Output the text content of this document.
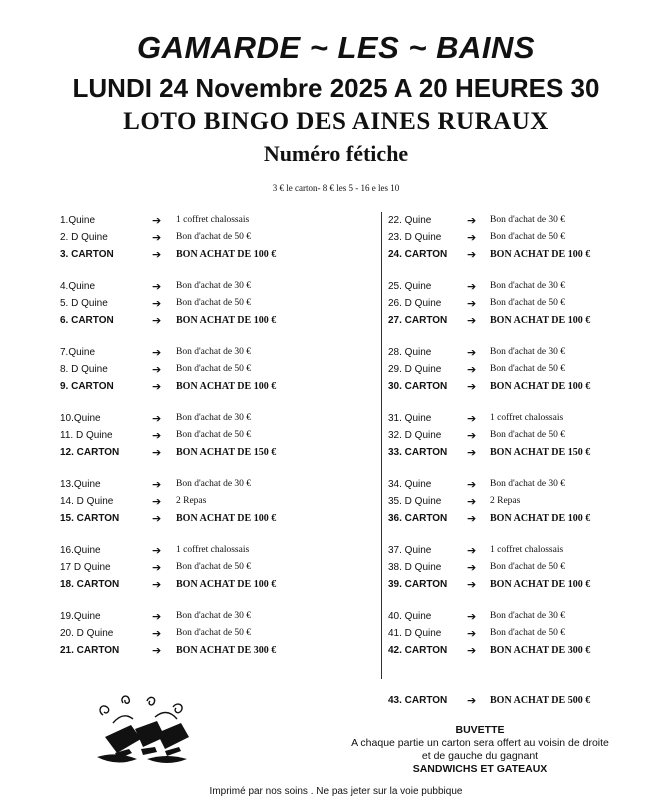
GAMARDE ~ LES ~ BAINS
LUNDI 24 Novembre 2025 A 20 HEURES 30
LOTO BINGO DES AINES RURAUX
Numéro fétiche
3 € le carton- 8 € les 5 - 16 e les 10
1.Quine	➔ 1 coffret chalossais
2. D Quine	➔ Bon d'achat de 50 €
3. CARTON	➔ BON ACHAT DE 100 €
4.Quine	➔ Bon d'achat de 30 €
5. D Quine	➔ Bon d'achat de 50 €
6. CARTON	➔ BON ACHAT DE 100 €
7.Quine	➔ Bon d'achat de 30 €
8. D Quine	➔ Bon d'achat de 50 €
9. CARTON	➔ BON ACHAT DE 100 €
10.Quine	➔ Bon d'achat de 30 €
11. D Quine	➔ Bon d'achat de 50 €
12. CARTON	➔ BON ACHAT DE 150 €
13.Quine	➔ Bon d'achat de 30 €
14. D Quine	➔ 2 Repas
15. CARTON	➔ BON ACHAT DE 100 €
16.Quine	➔ 1 coffret chalossais
17 D Quine	➔ Bon d'achat de 50 €
18. CARTON	➔ BON ACHAT DE 100 €
19.Quine	➔ Bon d'achat de 30 €
20. D Quine	➔ Bon d'achat de 50 €
21. CARTON	➔ BON ACHAT DE 300 €
22. Quine	➔ Bon d'achat de 30 €
23. D Quine ➔ Bon d'achat de 50 €
24. CARTON ➔ BON ACHAT DE 100 €
25. Quine	➔ Bon d'achat de 30 €
26. D Quine ➔ Bon d'achat de 50 €
27. CARTON ➔ BON ACHAT DE 100 €
28. Quine	➔ Bon d'achat de 30 €
29. D Quine ➔ Bon d'achat de 50 €
30. CARTON ➔ BON ACHAT DE 100 €
31. Quine	➔ 1 coffret chalossais
32. D Quine ➔ Bon d'achat de 50 €
33. CARTON ➔ BON ACHAT DE 150 €
34. Quine	➔ Bon d'achat de 30 €
35. D Quine ➔ 2 Repas
36. CARTON ➔ BON ACHAT DE 100 €
37. Quine	➔ 1 coffret chalossais
38. D Quine ➔ Bon d'achat de 50 €
39. CARTON ➔ BON ACHAT DE 100 €
40. Quine	➔ Bon d'achat de 30 €
41. D Quine ➔ Bon d'achat de 50 €
42. CARTON ➔ BON ACHAT DE 300 €
43. CARTON ➔ BON ACHAT DE 500 €
BUVETTE
A chaque partie un carton sera offert au voisin de droite
et de gauche du gagnant
SANDWICHS ET GATEAUX
Imprimé par nos soins . Ne pas jeter sur la voie pubbique
